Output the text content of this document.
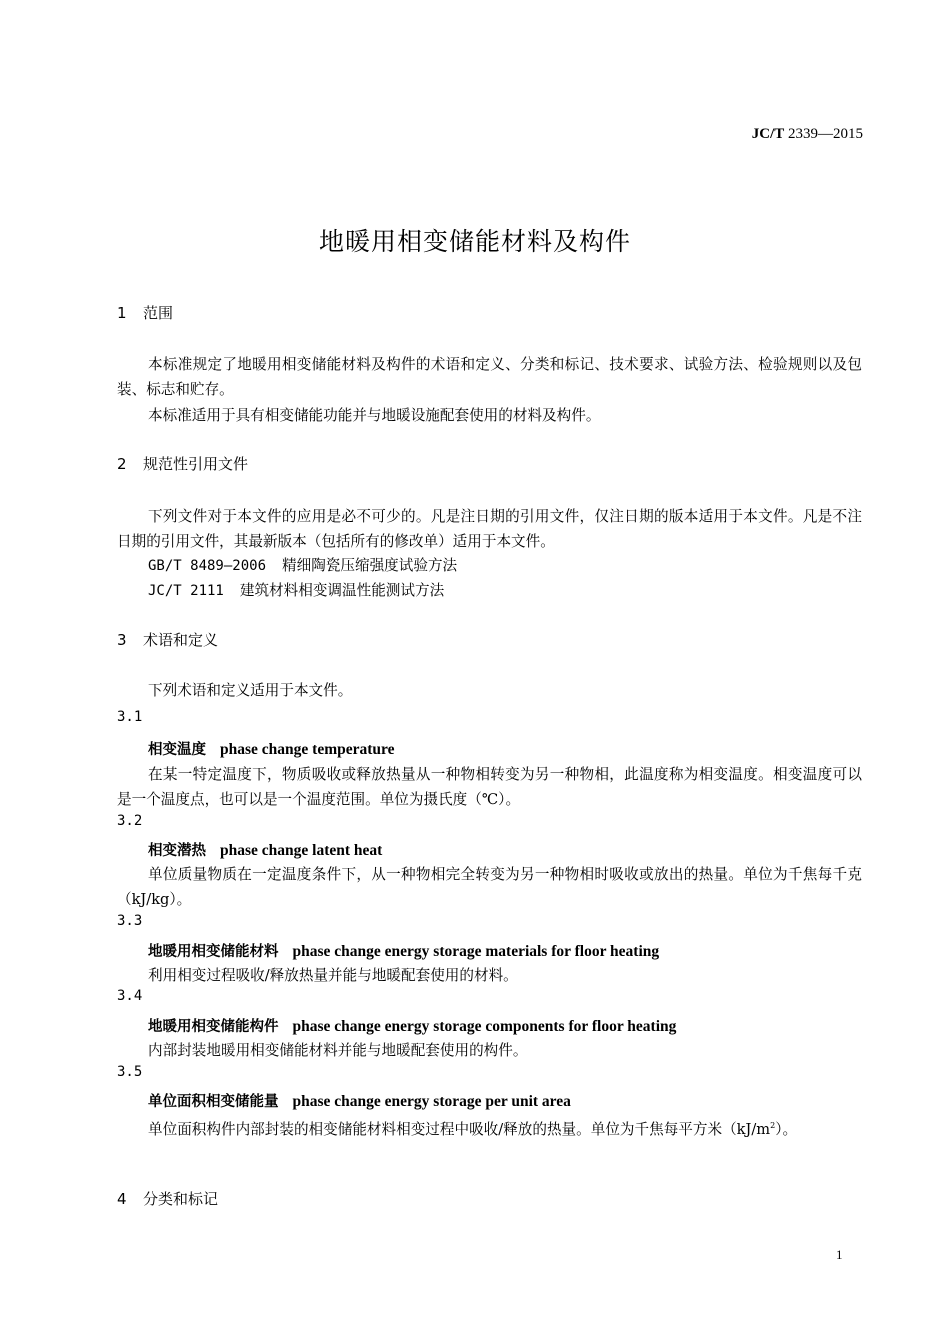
JC/T 2339—2015
地暖用相变储能材料及构件
1 范围
本标准规定了地暖用相变储能材料及构件的术语和定义、分类和标记、技术要求、试验方法、检验规则以及包装、标志和贮存。
本标准适用于具有相变储能功能并与地暖设施配套使用的材料及构件。
2 规范性引用文件
下列文件对于本文件的应用是必不可少的。凡是注日期的引用文件，仅注日期的版本适用于本文件。凡是不注日期的引用文件，其最新版本（包括所有的修改单）适用于本文件。
GB/T 8489—2006 精细陶瓷压缩强度试验方法
JC/T 2111 建筑材料相变调温性能测试方法
3 术语和定义
下列术语和定义适用于本文件。
3.1
相变温度 phase change temperature
在某一特定温度下，物质吸收或释放热量从一种物相转变为另一种物相，此温度称为相变温度。相变温度可以是一个温度点，也可以是一个温度范围。单位为摄氏度（℃）。
3.2
相变潜热 phase change latent heat
单位质量物质在一定温度条件下，从一种物相完全转变为另一种物相时吸收或放出的热量。单位为千焦每千克（kJ/kg）。
3.3
地暖用相变储能材料 phase change energy storage materials for floor heating
利用相变过程吸收/释放热量并能与地暖配套使用的材料。
3.4
地暖用相变储能构件 phase change energy storage components for floor heating
内部封装地暖用相变储能材料并能与地暖配套使用的构件。
3.5
单位面积相变储能量 phase change energy storage per unit area
单位面积构件内部封装的相变储能材料相变过程中吸收/释放的热量。单位为千焦每平方米$(kJ/m^2)$。
4 分类和标记
1
